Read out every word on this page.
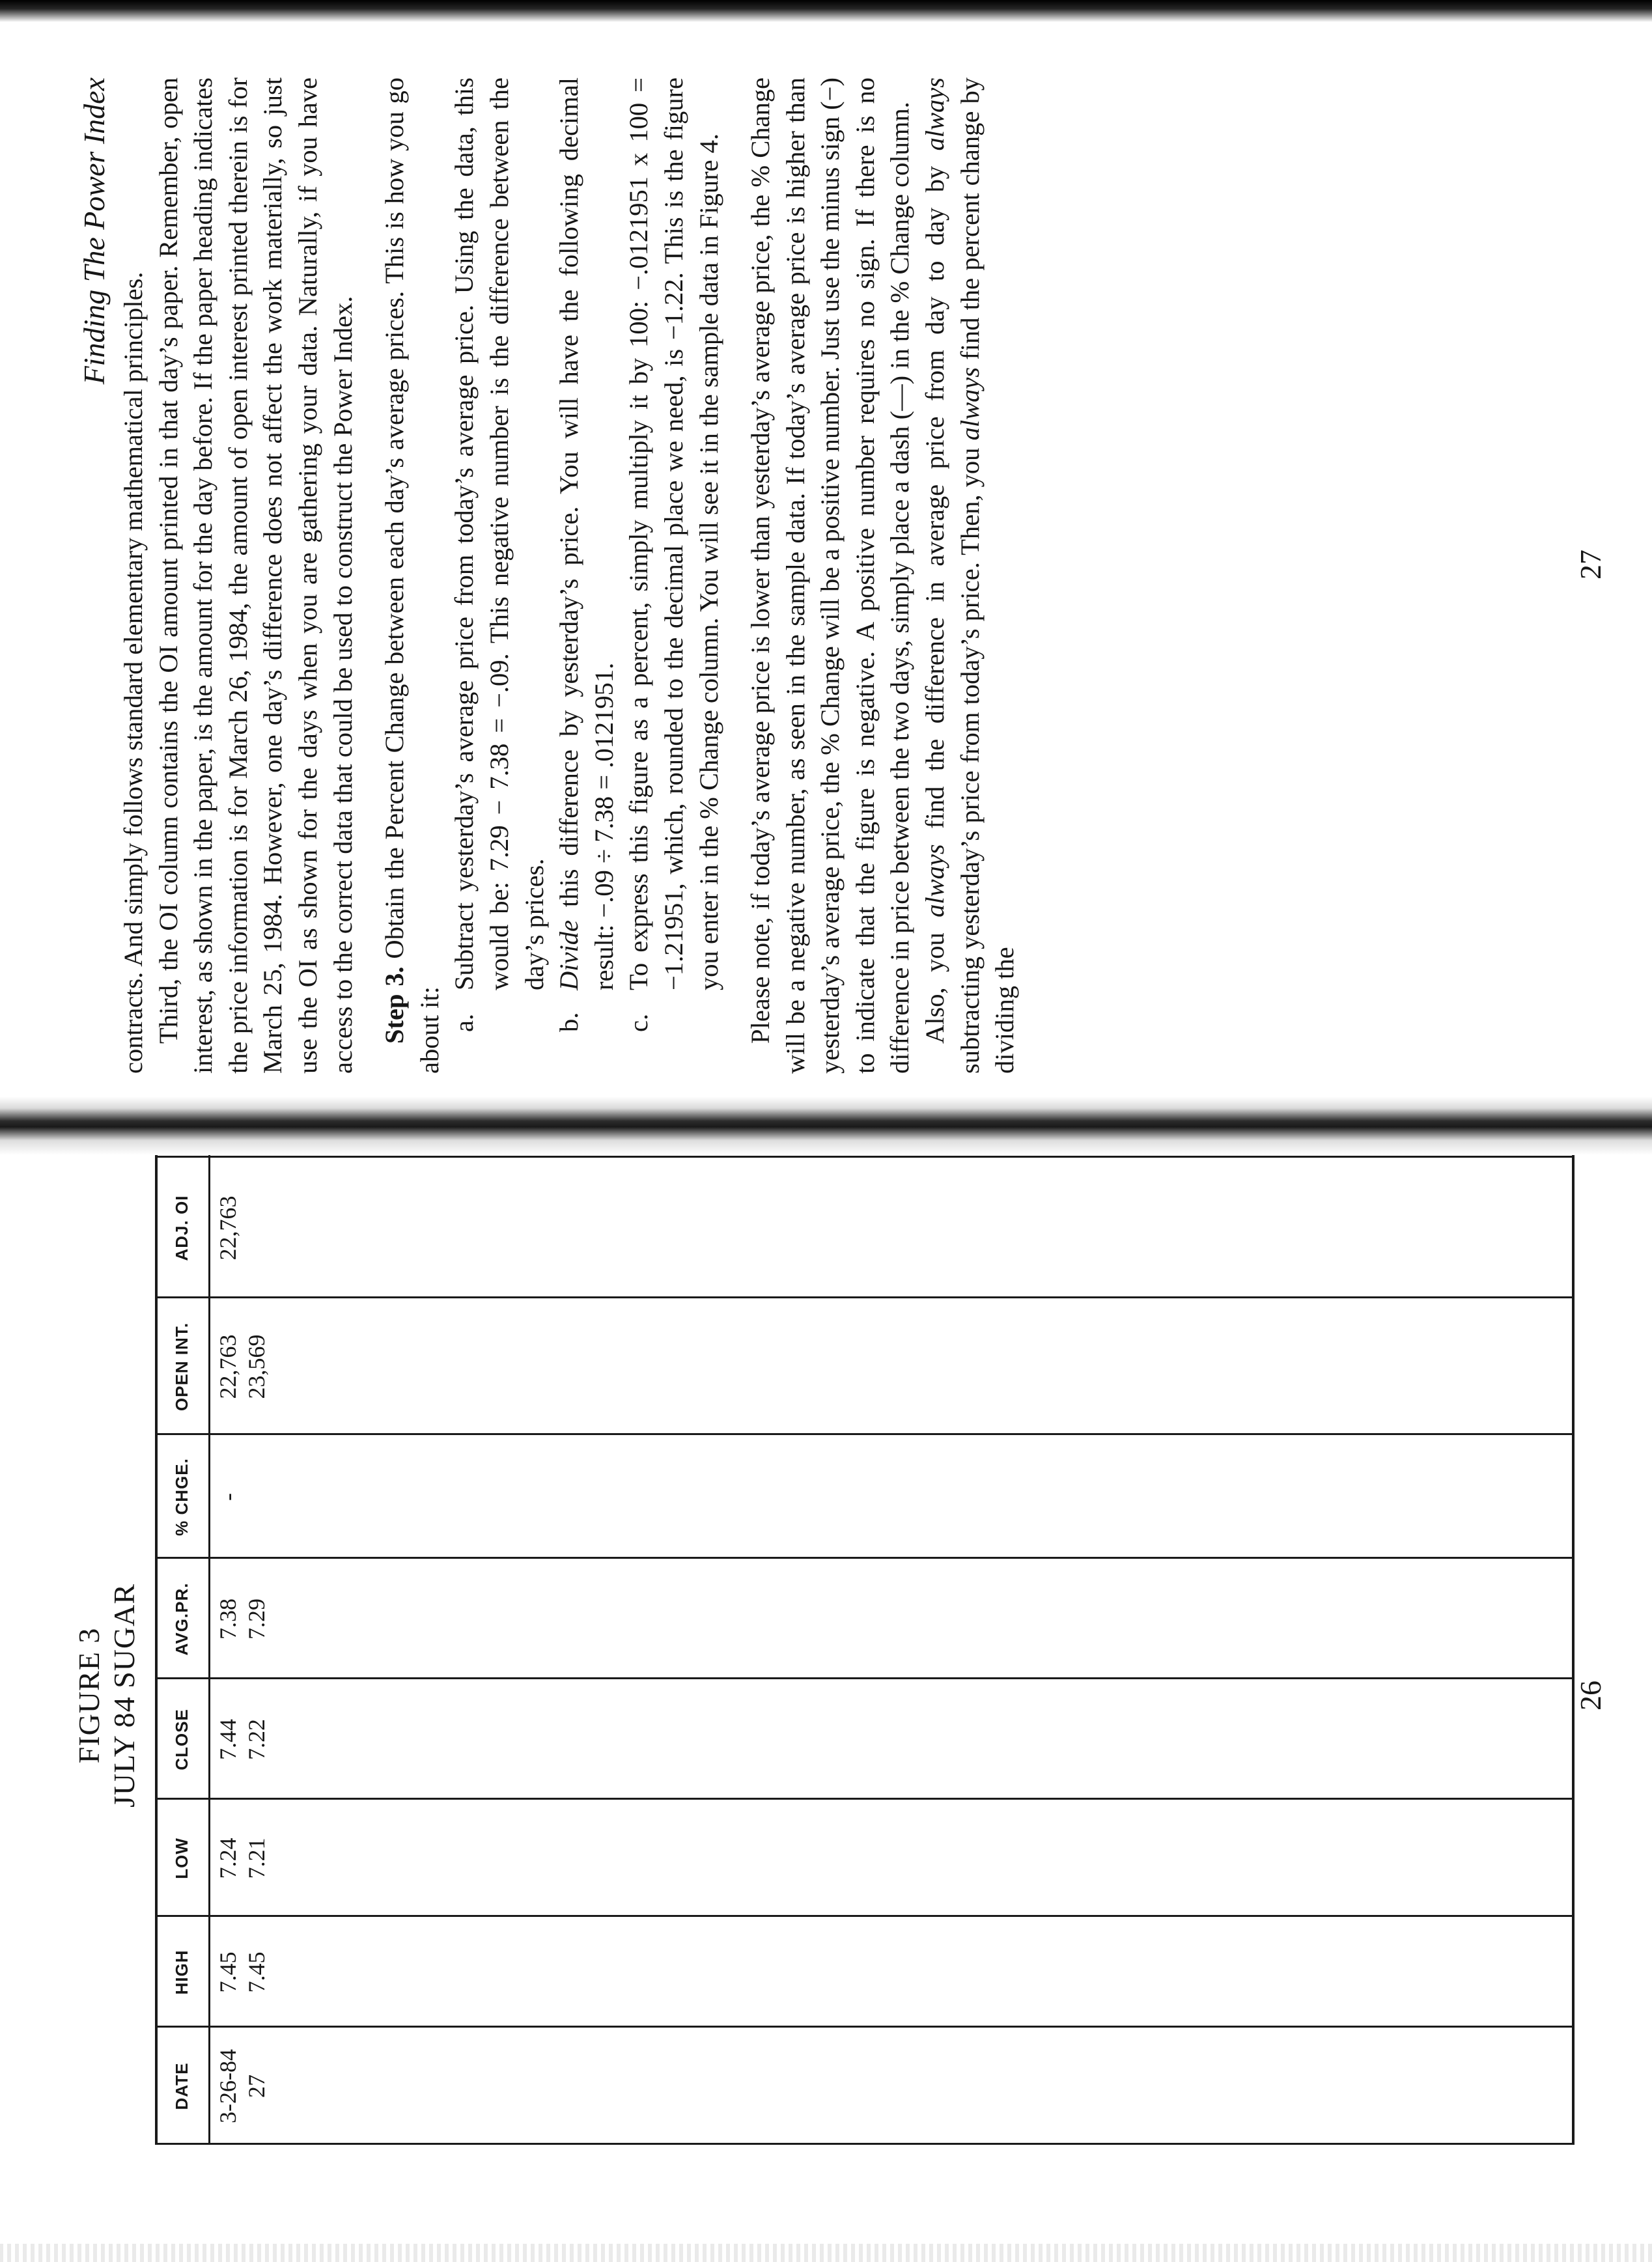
FIGURE 3 JULY 84 SUGAR
DATE
HIGH
LOW
CLOSE
AVG.PR.
% CHGE.
OPEN INT.
ADJ. OI
3-26-84
7.45
7.24
7.44
7.38
-
22,763
22,763
27
7.45
7.21
7.22
7.29
23,569
26
Finding The Power Index

contracts. And simply follows standard elementary mathematical principles. Third, the OI column contains the OI amount printed in that day’s paper. Remember, open interest, as shown in the paper, is the amount for the day before. If the paper heading indicates the price information is for March 26, 1984, the amount of open interest printed therein is for March 25, 1984. However, one day’s difference does not affect the work materially, so just use the OI as shown for the days when you are gathering your data. Naturally, if you have access to the correct data that could be used to construct the Power Index. Step 3. Obtain the Percent Change between each day’s average prices. This is how you go about it: a.
Subtract yesterday’s average price from today’s average price. Using the data, this would be: 7.29 − 7.38 = −.09. This negative number is the difference between the day’s prices.
b.
Divide this difference by yesterday’s price. You will have the following decimal result: −.09 ÷ 7.38 = .0121951.
c.
To express this figure as a percent, simply multiply it by 100: −.0121951 x 100 = −1.21951, which, rounded to the decimal place we need, is −1.22. This is the figure you enter in the % Change column. You will see it in the sample data in Figure 4. Please note, if today’s average price is lower than yesterday’s average price, the % Change will be a negative number, as seen in the sample data. If today’s average price is higher than yesterday’s average price, the % Change will be a positive number. Just use the minus sign (−) to indicate that the figure is negative. A positive number requires no sign. If there is no difference in price between the two days, simply place a dash (—) in the % Change column. Also, you always find the difference in average price from day to day by always subtracting yesterday’s price from today’s price. Then, you always find the percent change by dividing the

27
